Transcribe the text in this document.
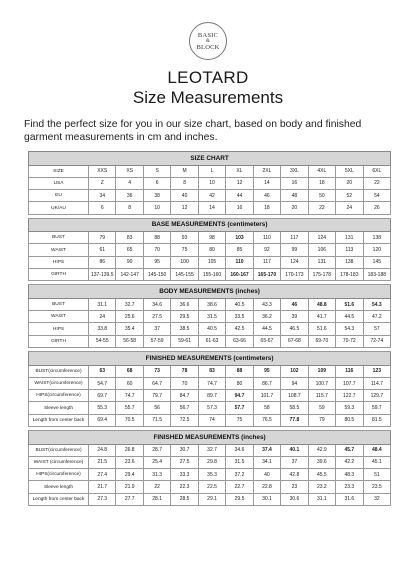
BASIC
&
BLOCK
LEOTARD
Size Measurements
Find the perfect size for you in our size chart, based on body and finished
garment measurements in cm and inches.
SIZE CHART											
SIZE	XXS	XS	S	M	L	XL	2XL	3XL	4XL	5XL	6XL
USA	Z	4	6	8	10	12	14	16	18	20	22
EU	34	36	38	40	42	44	46	48	50	52	54
UK/AU	6	8	10	12	14	16	18	20	22	24	26

BASE MEASUREMENTS (centimeters)											
BUST	79	83	88	93	98	103	110	117	124	131	138
WAIST	61	65	70	75	80	85	92	99	106	113	120
HIPS	86	90	95	100	105	110	117	124	131	138	145
GIRTH	137-139.5	142-147	145-150	145-155	155-160	160-167	165-170	170-173	175-178	178-183	183-188

BODY MEASUREMENTS (inches)											
BUST	31.1	32.7	34.6	36.6	38.6	40.5	43.3	46	48.8	51.6	54.3
WAIST	24	25.6	27.5	29.5	31.5	33.5	36.2	39	41.7	44.5	47.2
HIPS	33.8	35.4	37	38.5	40.5	42.5	44.5	46.5	51.6	54.3	57
GIRTH	54-55	56-58	57-59	59-61	61-63	63-66	65-67	67-68	69-70	70-72	72-74

FINISHED MEASUREMENTS (centimeters)											
BUST(circumference)	63	68	73	78	83	88	95	102	109	116	123
WAIST(circumference)	54.7	60	64.7	70	74.7	80	86.7	94	100.7	107.7	114.7
HIPS(circumference)	69.7	74.7	79.7	84.7	89.7	94.7	101.7	108.7	115.7	122.7	129.7
Sleeve length	55.3	55.7	56	56.7	57.3	57.7	58	58.5	59	59.3	59.7
Length from center back	69.4	70.5	71.5	72.5	74	75	76.5	77.8	79	80.5	81.5

FINISHED MEASUREMENTS (inches)											
BUST(circumference)	24.8	26.8	28.7	30.7	32.7	34.6	37.4	40.1	42.9	45.7	48.4
WAIST (circumference)	21.5	23.6	25.4	27.5	29.8	31.5	34.1	37	39.6	42.2	45.1
HIPS(circumference)	27.4	29.4	31.3	33.3	35.3	37.2	40	42.8	45.5	48.3	51
Sleeve length	21.7	21.9	22	22.3	22.5	22.7	22.8	23	23.2	23.3	23.5
Length from center back	27.3	27.7	28.1	28.5	29.1	29.5	30.1	30.6	31.1	31.6	32
